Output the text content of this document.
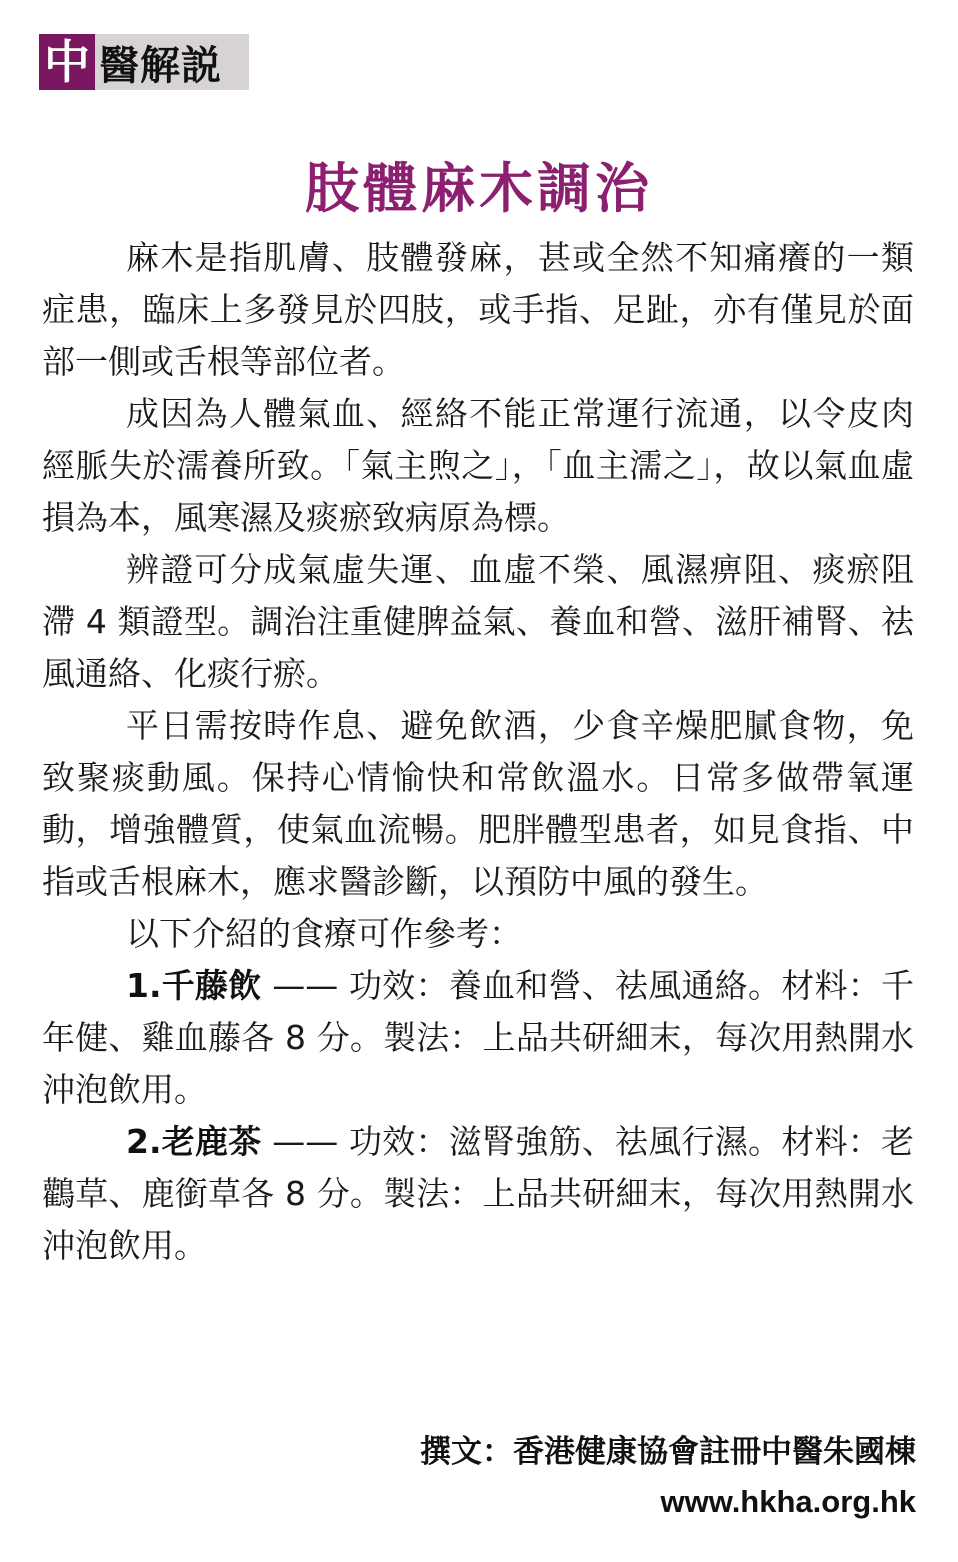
中 醫解説
肢體麻木調治

麻木是指肌膚、肢體發麻，甚或全然不知痛癢的一類症患，臨床上多發見於四肢，或手指、足趾，亦有僅見於面部一側或舌根等部位者。

成因為人體氣血、經絡不能正常運行流通，以令皮肉經脈失於濡養所致。「氣主煦之」，「血主濡之」，故以氣血虛損為本，風寒濕及痰瘀致病原為標。

辨證可分成氣虛失運、血虛不榮、風濕痹阻、痰瘀阻滯 4 類證型。調治注重健脾益氣、養血和營、滋肝補腎、祛風通絡、化痰行瘀。

平日需按時作息、避免飲酒，少食辛燥肥膩食物，免致聚痰動風。保持心情愉快和常飲溫水。日常多做帶氧運動，增強體質，使氣血流暢。肥胖體型患者，如見食指、中指或舌根麻木，應求醫診斷，以預防中風的發生。

以下介紹的食療可作參考：

1.千藤飲 —— 功效：養血和營、祛風通絡。材料：千年健、雞血藤各 8 分。製法：上品共研細末，每次用熱開水沖泡飲用。

2.老鹿茶 —— 功效：滋腎強筋、祛風行濕。材料：老鸛草、鹿銜草各 8 分。製法：上品共研細末，每次用熱開水沖泡飲用。

撰文：香港健康協會註冊中醫朱國棟
www.hkha.org.hk
